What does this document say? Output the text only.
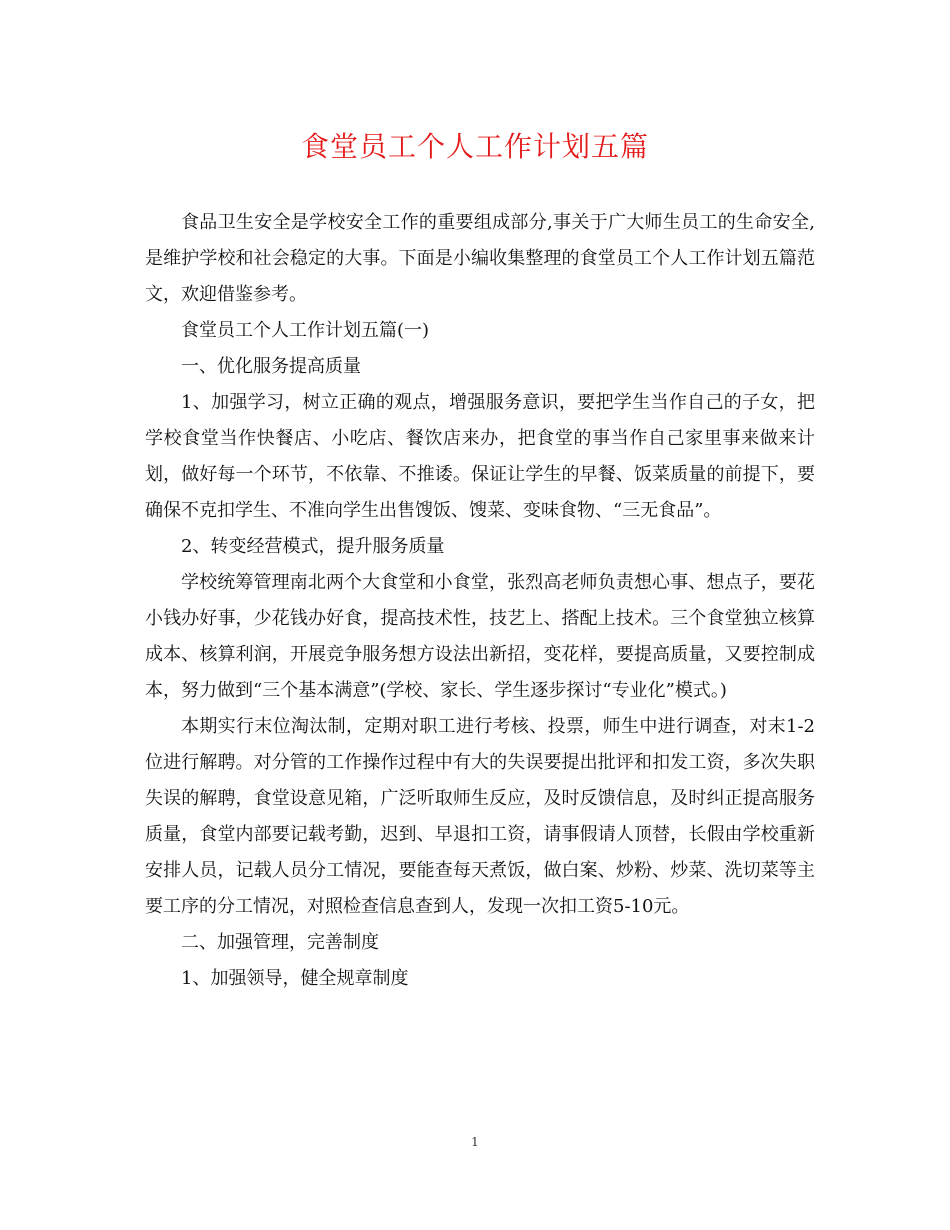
食堂员工个人工作计划五篇

食品卫生安全是学校安全工作的重要组成部分,事关于广大师生员工的生命安全,是维护学校和社会稳定的大事。下面是小编收集整理的食堂员工个人工作计划五篇范文，欢迎借鉴参考。

食堂员工个人工作计划五篇(一)

一、优化服务提高质量

1、加强学习，树立正确的观点，增强服务意识，要把学生当作自己的子女，把学校食堂当作快餐店、小吃店、餐饮店来办，把食堂的事当作自己家里事来做来计划，做好每一个环节，不依靠、不推诿。保证让学生的早餐、饭菜质量的前提下，要确保不克扣学生、不准向学生出售馊饭、馊菜、变味食物、“三无食品”。

2、转变经营模式，提升服务质量

学校统筹管理南北两个大食堂和小食堂，张烈高老师负责想心事、想点子，要花小钱办好事，少花钱办好食，提高技术性，技艺上、搭配上技术。三个食堂独立核算成本、核算利润，开展竞争服务想方设法出新招，变花样，要提高质量，又要控制成本，努力做到“三个基本满意”(学校、家长、学生逐步探讨“专业化”模式。)

本期实行末位淘汰制，定期对职工进行考核、投票，师生中进行调查，对末1-2位进行解聘。对分管的工作操作过程中有大的失误要提出批评和扣发工资，多次失职失误的解聘，食堂设意见箱，广泛听取师生反应，及时反馈信息，及时纠正提高服务质量，食堂内部要记载考勤，迟到、早退扣工资，请事假请人顶替，长假由学校重新安排人员，记载人员分工情况，要能查每天煮饭，做白案、炒粉、炒菜、洗切菜等主要工序的分工情况，对照检查信息查到人，发现一次扣工资5-10元。

二、加强管理，完善制度

1、加强领导，健全规章制度

1
